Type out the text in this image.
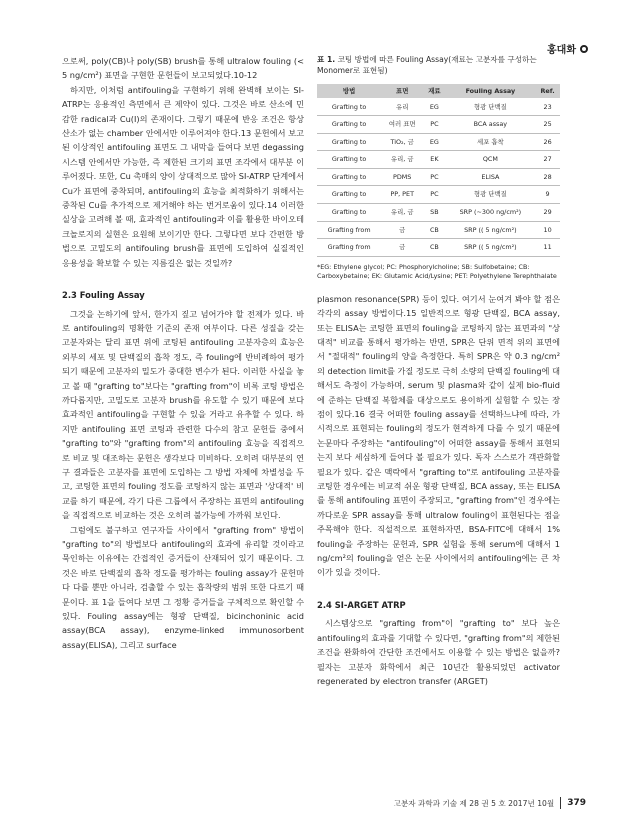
홍대화

으로써, poly(CB)나 poly(SB) brush를 통해 ultralow fouling (< 5 ng/cm²) 표면을 구현한 문헌들이 보고되었다.10-12

하지만, 이처럼 antifouling을 구현하기 위해 완벽해 보이는 SI-ATRP는 응용적인 측면에서 큰 제약이 있다. 그것은 바로 산소에 민감한 radical과 Cu(I)의 존재이다. 그렇기 때문에 반응 조건은 항상 산소가 없는 chamber 안에서만 이루어져야 한다.13 문헌에서 보고된 이상적인 antifouling 표면도 그 내막을 들여다 보면 degassing 시스템 안에서만 가능한, 즉 제한된 크기의 표면 조각에서 대부분 이루어졌다. 또한, Cu 촉매의 양이 상대적으로 많아 SI-ATRP 단계에서 Cu가 표면에 중착되며, antifouling의 효능을 최적화하기 위해서는 중착된 Cu를 추가적으로 제거해야 하는 번거로움이 있다.14 이러한 실상을 고려해 볼 때, 효과적인 antifouling과 이를 활용한 바이오테크놀로지의 실현은 요원해 보이기만 한다. 그렇다면 보다 간편한 방법으로 고밀도의 antifouling brush를 표면에 도입하여 실질적인 응용성을 확보할 수 있는 지름길은 없는 것일까?

2.3 Fouling Assay

그것을 논하기에 앞서, 한가지 짚고 넘어가야 할 전제가 있다. 바로 antifouling의 명확한 기준의 존재 여부이다. 다른 성질을 갖는 고분자와는 달리 표면 위에 코팅된 antifouling 고분자층의 효능은 외부의 세포 및 단백질의 흡착 정도, 즉 fouling에 반비례하여 평가되기 때문에 고분자의 밀도가 중대한 변수가 된다. 이러한 사실을 놓고 볼 때 "grafting to"보다는 "grafting from"이 비록 코팅 방법은 까다롭지만, 고밀도로 고분자 brush를 유도할 수 있기 때문에 보다 효과적인 antifouling을 구현할 수 있을 거라고 유추할 수 있다. 하지만 antifouling 표면 코팅과 관련한 다수의 참고 문헌들 중에서 "grafting to"와 "grafting from"의 antifouling 효능을 직접적으로 비교 및 대조하는 문헌은 생각보다 미비하다. 오히려 대부분의 연구 결과들은 고분자를 표면에 도입하는 그 방법 자체에 차별성을 두고, 코팅한 표면의 fouling 정도를 코팅하지 않는 표면과 '상대적' 비교를 하기 때문에, 각기 다른 그룹에서 주장하는 표면의 antifouling을 직접적으로 비교하는 것은 오히려 불가능에 가까워 보인다.

그럼에도 불구하고 연구자들 사이에서 "grafting from" 방법이 "grafting to"의 방법보다 antifouling의 효과에 유리할 것이라고 묵인하는 이유에는 간접적인 증거들이 산재되어 있기 때문이다. 그것은 바로 단백질의 흡착 정도를 평가하는 fouling assay가 문헌마다 다를 뿐만 아니라, 검출할 수 있는 흡착량의 범위 또한 다르기 때문이다. 표 1을 들여다 보면 그 정황 증거들을 구체적으로 확인할 수 있다. Fouling assay에는 형광 단백질, bicinchoninic acid assay(BCA assay), enzyme-linked immunosorbent assay(ELISA), 그리고 surface

표 1. 코팅 방법에 따른 Fouling Assay(재료는 고분자를 구성하는 Monomer로 표현됨)
방법	표면	재료	Fouling Assay	Ref.
Grafting to	유리	EG	형광 단백질	23
Grafting to	여러 표면	PC	BCA assay	25
Grafting to	TiO₂, 금	EG	세포 흡착	26
Grafting to	유리, 금	EK	QCM	27
Grafting to	PDMS	PC	ELISA	28
Grafting to	PP, PET	PC	형광 단백질	9
Grafting to	유리, 금	SB	SRP (~300 ng/cm²)	29
Grafting from	금	CB	SRP (( 5 ng/cm²)	10
Grafting from	금	CB	SRP (( 5 ng/cm²)	11
*EG: Ethylene glycol; PC: Phosphorylcholine; SB: Sulfobetaine; CB: Carboxybetaine; EK: Glutamic Acid/Lysine; PET: Polyethylene Terephthalate

plasmon resonance(SPR) 등이 있다. 여기서 눈여겨 봐야 할 점은 각각의 assay 방법이다.15 일반적으로 형광 단백질, BCA assay, 또는 ELISA는 코팅한 표면의 fouling을 코팅하지 않는 표면과의 "상대적" 비교를 통해서 평가하는 반면, SPR은 단위 면적 위의 표면에서 "절대적" fouling의 양을 측정한다. 특히 SPR은 약 0.3 ng/cm²의 detection limit를 가질 정도로 극히 소량의 단백질 fouling에 대해서도 측정이 가능하며, serum 및 plasma와 같이 실제 bio-fluid에 준하는 단백질 복합체를 대상으로도 용이하게 실험할 수 있는 장점이 있다.16 결국 어떠한 fouling assay를 선택하느냐에 따라, 가시적으로 표현되는 fouling의 정도가 현격하게 다를 수 있기 때문에 논문마다 주장하는 "antifouling"이 어떠한 assay를 통해서 표현되는지 보다 세심하게 들여다 볼 필요가 있다. 독자 스스로가 객관화할 필요가 있다. 같은 맥락에서 "grafting to"로 antifouling 고분자를 코팅한 경우에는 비교적 쉬운 형광 단백질, BCA assay, 또는 ELISA를 통해 antifouling 표면이 주장되고, "grafting from"인 경우에는 까다로운 SPR assay를 통해 ultralow fouling이 표현된다는 점을 주목해야 한다. 직설적으로 표현하자면, BSA-FITC에 대해서 1% fouling을 주장하는 문헌과, SPR 실험을 통해 serum에 대해서 1 ng/cm²의 fouling을 얻은 논문 사이에서의 antifouling에는 큰 차이가 있을 것이다.

2.4 SI-ARGET ATRP

시스템상으로 "grafting from"이 "grafting to" 보다 높은 antifouling의 효과를 기대할 수 있다면, "grafting from"의 제한된 조건을 완화하여 간단한 조건에서도 이용할 수 있는 방법은 없을까? 필자는 고분자 화학에서 최근 10년간 활용되었던 activator regenerated by electron transfer (ARGET)

고분자 과학과 기술 제 28 권 5 호 2017년 10월 379
